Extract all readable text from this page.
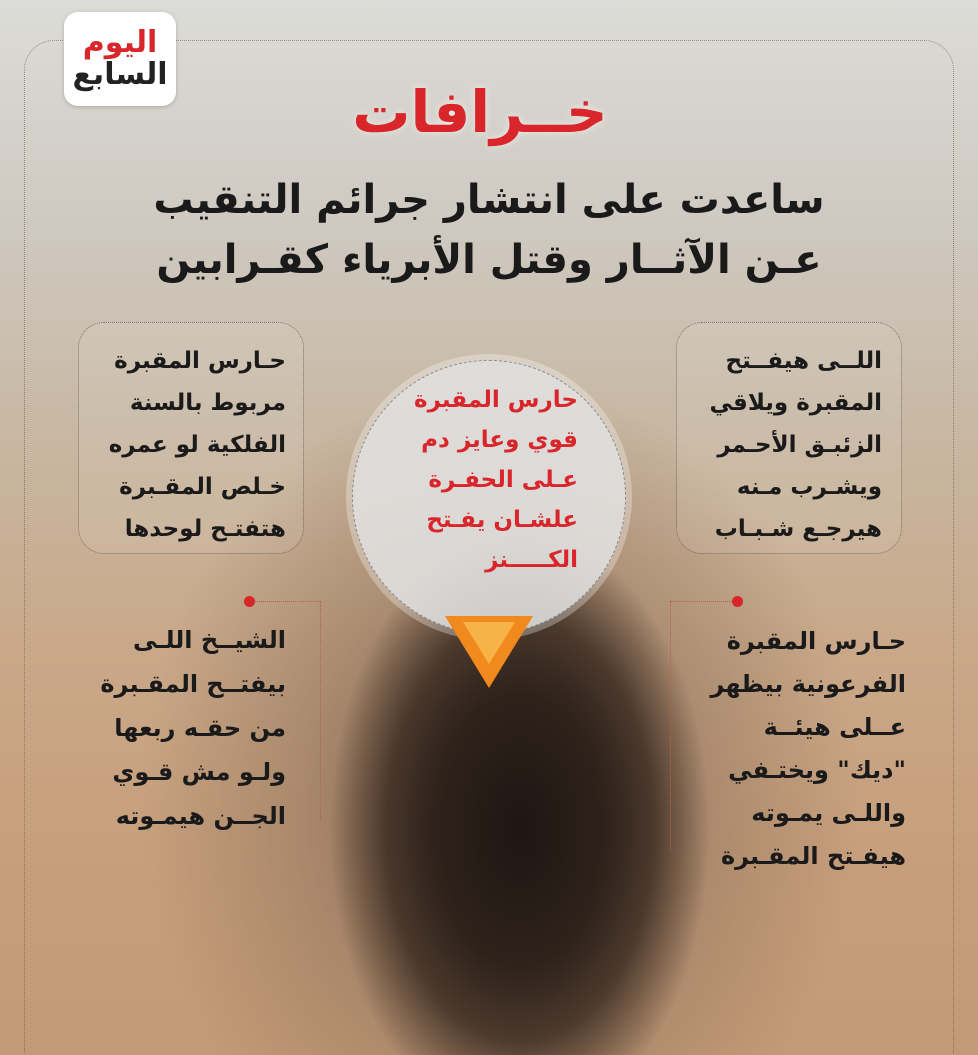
اليوم
السابع
خــرافات
ساعدت على انتشار جرائم التنقيب
عـن الآثــار وقتل الأبرياء كقـرابين
حـارس المقبرة
مربوط بالسنة
الفلكية لو عمره
خـلص المقـبرة
هتفتـح لوحدها
اللــى هيفــتح
المقبرة ويلاقي
الزئبـق الأحـمر
ويشـرب مـنه
هيرجـع شـبـاب
حارس المقبرة
قوي وعايز دم
عـلى الحفـرة
علشـان يفـتح
الكـــــنز
الشيــخ اللـى
بيفتــح المقـبرة
من حقـه ربعها
ولـو مش قـوي
الجــن هيمـوته
حـارس المقبرة
الفرعونية بيظهر
عــلى هيئــة
"ديك" ويختـفي
واللـى يمـوته
هيفـتح المقـبرة
